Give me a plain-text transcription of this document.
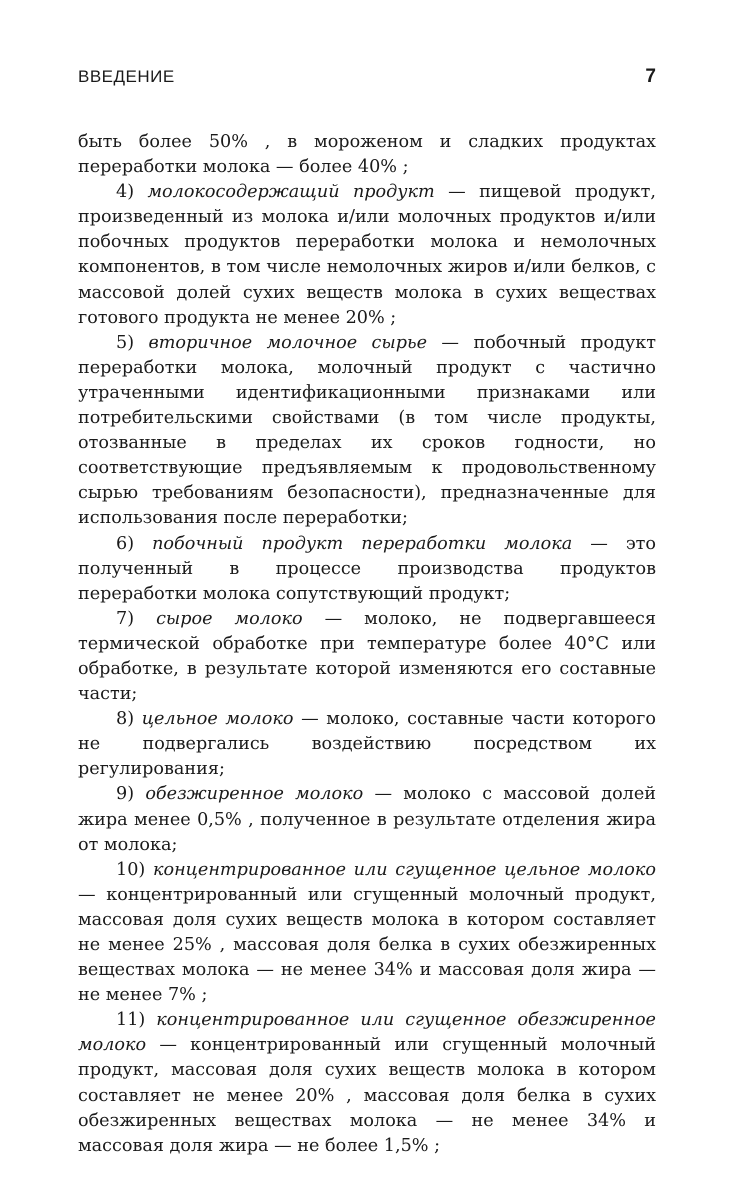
ВВЕДЕНИЕ	7

быть более 50% , в мороженом и сладких продуктах переработки молока — более 40% ;

4) молокосодержащий продукт — пищевой продукт, произведенный из молока и/или молочных продуктов и/или побочных продуктов переработки молока и немолочных компонентов, в том числе немолочных жиров и/или белков, с массовой долей сухих веществ молока в сухих веществах готового продукта не менее 20% ;

5) вторичное молочное сырье — побочный продукт переработки молока, молочный продукт с частично утраченными идентификационными признаками или потребительскими свойствами (в том числе продукты, отозванные в пределах их сроков годности, но соответствующие предъявляемым к продовольственному сырью требованиям безопасности), предназначенные для использования после переработки;

6) побочный продукт переработки молока — это полученный в процессе производства продуктов переработки молока сопутствующий продукт;

7) сырое молоко — молоко, не подвергавшееся термической обработке при температуре более 40°С или обработке, в результате которой изменяются его составные части;

8) цельное молоко — молоко, составные части которого не подвергались воздействию посредством их регулирования;

9) обезжиренное молоко — молоко с массовой долей жира менее 0,5% , полученное в результате отделения жира от молока;

10) концентрированное или сгущенное цельное молоко — концентрированный или сгущенный молочный продукт, массовая доля сухих веществ молока в котором составляет не менее 25% , массовая доля белка в сухих обезжиренных веществах молока — не менее 34% и массовая доля жира — не менее 7% ;

11) концентрированное или сгущенное обезжиренное молоко — концентрированный или сгущенный молочный продукт, массовая доля сухих веществ молока в котором составляет не менее 20% , массовая доля белка в сухих обезжиренных веществах молока — не менее 34% и массовая доля жира — не более 1,5% ;
